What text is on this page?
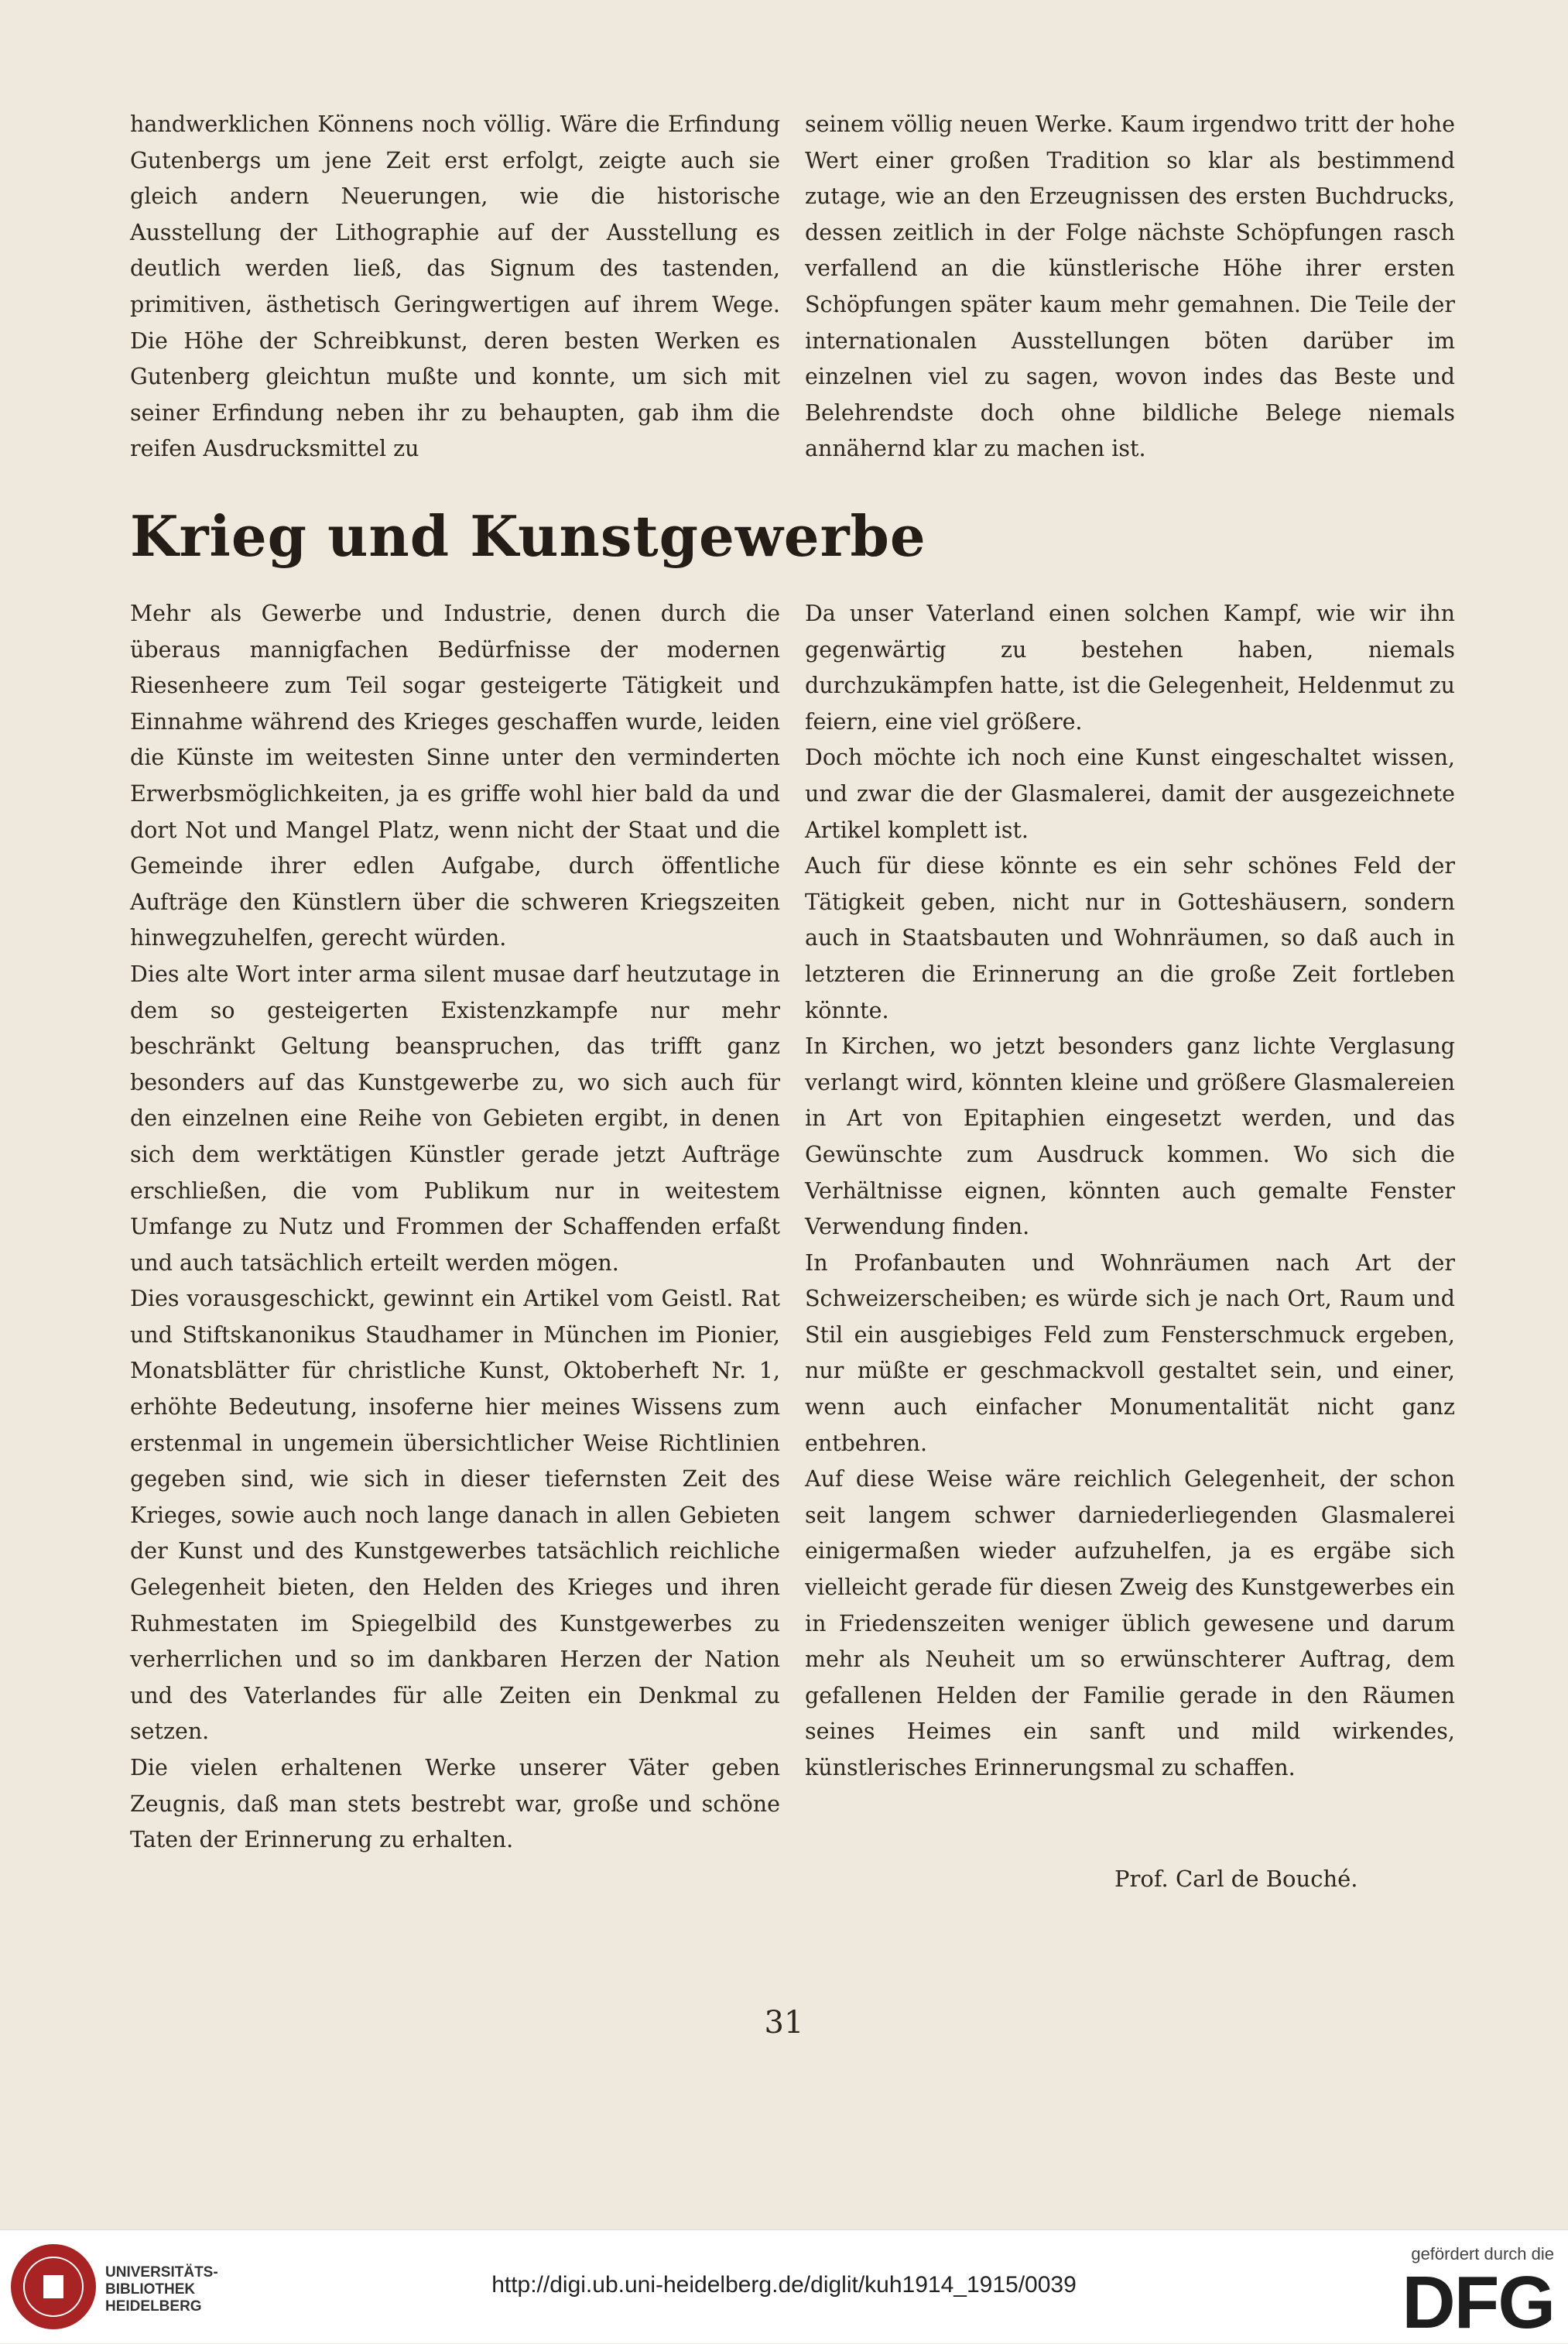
handwerklichen Könnens noch völlig. Wäre die Erfindung Gutenbergs um jene Zeit erst erfolgt, zeigte auch sie gleich andern Neuerungen, wie die historische Ausstellung der Lithographie auf der Ausstellung es deutlich werden ließ, das Signum des tastenden, primitiven, ästhetisch Geringwertigen auf ihrem Wege. Die Höhe der Schreibkunst, deren besten Werken es Gutenberg gleichtun mußte und konnte, um sich mit seiner Erfindung neben ihr zu behaupten, gab ihm die reifen Ausdrucksmittel zu

seinem völlig neuen Werke. Kaum irgendwo tritt der hohe Wert einer großen Tradition so klar als bestimmend zutage, wie an den Erzeugnissen des ersten Buchdrucks, dessen zeitlich in der Folge nächste Schöpfungen rasch verfallend an die künstlerische Höhe ihrer ersten Schöpfungen später kaum mehr gemahnen. Die Teile der internationalen Ausstellungen böten darüber im einzelnen viel zu sagen, wovon indes das Beste und Belehrendste doch ohne bildliche Belege niemals annähernd klar zu machen ist.

Krieg und Kunstgewerbe

Mehr als Gewerbe und Industrie, denen durch die überaus mannigfachen Bedürfnisse der modernen Riesenheere zum Teil sogar gesteigerte Tätigkeit und Einnahme während des Krieges geschaffen wurde, leiden die Künste im weitesten Sinne unter den verminderten Erwerbsmöglichkeiten, ja es griffe wohl hier bald da und dort Not und Mangel Platz, wenn nicht der Staat und die Gemeinde ihrer edlen Aufgabe, durch öffentliche Aufträge den Künstlern über die schweren Kriegszeiten hinwegzuhelfen, gerecht würden.

Dies alte Wort inter arma silent musae darf heutzutage in dem so gesteigerten Existenzkampfe nur mehr beschränkt Geltung beanspruchen, das trifft ganz besonders auf das Kunstgewerbe zu, wo sich auch für den einzelnen eine Reihe von Gebieten ergibt, in denen sich dem werktätigen Künstler gerade jetzt Aufträge erschließen, die vom Publikum nur in weitestem Umfange zu Nutz und Frommen der Schaffenden erfaßt und auch tatsächlich erteilt werden mögen.

Dies vorausgeschickt, gewinnt ein Artikel vom Geistl. Rat und Stiftskanonikus Staudhamer in München im Pionier, Monatsblätter für christliche Kunst, Oktoberheft Nr. 1, erhöhte Bedeutung, insoferne hier meines Wissens zum erstenmal in ungemein übersichtlicher Weise Richtlinien gegeben sind, wie sich in dieser tiefernsten Zeit des Krieges, sowie auch noch lange danach in allen Gebieten der Kunst und des Kunstgewerbes tatsächlich reichliche Gelegenheit bieten, den Helden des Krieges und ihren Ruhmestaten im Spiegelbild des Kunstgewerbes zu verherrlichen und so im dankbaren Herzen der Nation und des Vaterlandes für alle Zeiten ein Denkmal zu setzen.

Die vielen erhaltenen Werke unserer Väter geben Zeugnis, daß man stets bestrebt war, große und schöne Taten der Erinnerung zu erhalten.

Da unser Vaterland einen solchen Kampf, wie wir ihn gegenwärtig zu bestehen haben, niemals durchzukämpfen hatte, ist die Gelegenheit, Heldenmut zu feiern, eine viel größere.

Doch möchte ich noch eine Kunst eingeschaltet wissen, und zwar die der Glasmalerei, damit der ausgezeichnete Artikel komplett ist.

Auch für diese könnte es ein sehr schönes Feld der Tätigkeit geben, nicht nur in Gotteshäusern, sondern auch in Staatsbauten und Wohnräumen, so daß auch in letzteren die Erinnerung an die große Zeit fortleben könnte.

In Kirchen, wo jetzt besonders ganz lichte Verglasung verlangt wird, könnten kleine und größere Glasmalereien in Art von Epitaphien eingesetzt werden, und das Gewünschte zum Ausdruck kommen. Wo sich die Verhältnisse eignen, könnten auch gemalte Fenster Verwendung finden.

In Profanbauten und Wohnräumen nach Art der Schweizerscheiben; es würde sich je nach Ort, Raum und Stil ein ausgiebiges Feld zum Fensterschmuck ergeben, nur müßte er geschmackvoll gestaltet sein, und einer, wenn auch einfacher Monumentalität nicht ganz entbehren.

Auf diese Weise wäre reichlich Gelegenheit, der schon seit langem schwer darniederliegenden Glasmalerei einigermaßen wieder aufzuhelfen, ja es ergäbe sich vielleicht gerade für diesen Zweig des Kunstgewerbes ein in Friedenszeiten weniger üblich gewesene und darum mehr als Neuheit um so erwünschterer Auftrag, dem gefallenen Helden der Familie gerade in den Räumen seines Heimes ein sanft und mild wirkendes, künstlerisches Erinnerungsmal zu schaffen.

Prof. Carl de Bouché.
31
UNIVERSITÄTS-
BIBLIOTHEK
HEIDELBERG
http://digi.ub.uni-heidelberg.de/diglit/kuh1914_1915/0039
gefördert durch die
DFG
